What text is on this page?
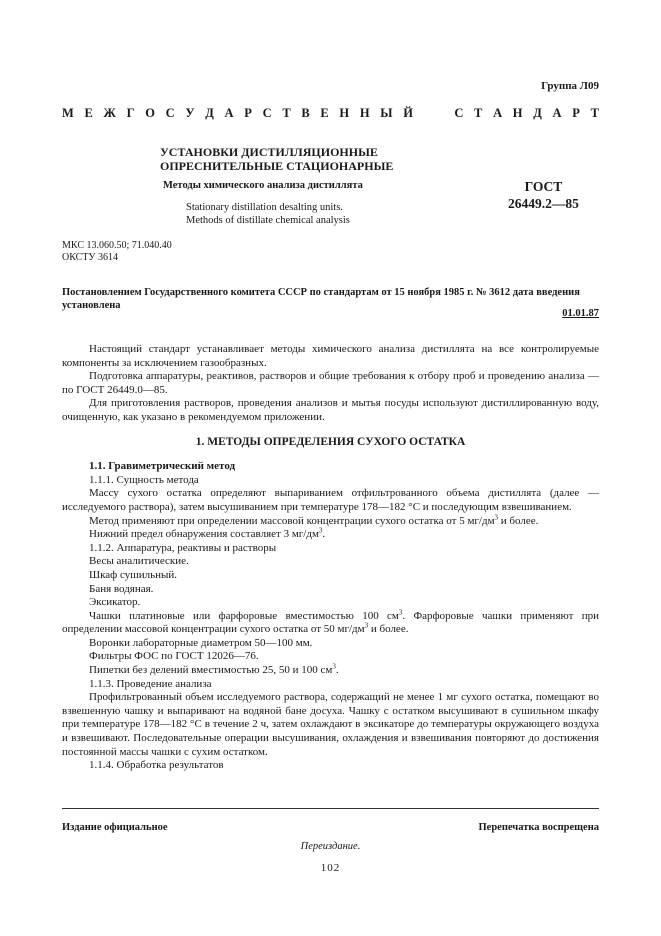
Группа Л09
М Е Ж Г О С У Д А Р С Т В Е Н Н Ы Й	С Т А Н Д А Р Т
УСТАНОВКИ ДИСТИЛЛЯЦИОННЫЕ
ОПРЕСНИТЕЛЬНЫЕ СТАЦИОНАРНЫЕ
Методы химического анализа дистиллята
Stationary distillation desalting units.
Methods of distillate chemical analysis
ГОСТ
26449.2—85
МКС 13.060.50; 71.040.40
ОКСТУ 3614
Постановлением Государственного комитета СССР по стандартам от 15 ноября 1985 г. № 3612 дата введения установлена
01.01.87

Настоящий стандарт устанавливает методы химического анализа дистиллята на все контролируемые компоненты за исключением газообразных.

Подготовка аппаратуры, реактивов, растворов и общие требования к отбору проб и проведению анализа — по ГОСТ 26449.0—85.

Для приготовления растворов, проведения анализов и мытья посуды используют дистиллированную воду, очищенную, как указано в рекомендуемом приложении.

1. МЕТОДЫ ОПРЕДЕЛЕНИЯ СУХОГО ОСТАТКА
1.1. Гравиметрический метод

1.1.1. Сущность метода

Массу сухого остатка определяют выпариванием отфильтрованного объема дистиллята (далее — исследуемого раствора), затем высушиванием при температуре 178—182 °С и последующим взвешиванием.

Метод применяют при определении массовой концентрации сухого остатка от 5 $мг/дм^3$ и более.

Нижний предел обнаружения составляет 3 $мг/дм^3$.

1.1.2. Аппаратура, реактивы и растворы

Весы аналитические.

Шкаф сушильный.

Баня водяная.

Эксикатор.

Чашки платиновые или фарфоровые вместимостью 100 $см^3$. Фарфоровые чашки применяют при определении массовой концентрации сухого остатка от 50 $мг/дм^3$ и более.

Воронки лабораторные диаметром 50—100 мм.

Фильтры ФОС по ГОСТ 12026—76.

Пипетки без делений вместимостью 25, 50 и 100 $см^3$.

1.1.3. Проведение анализа

Профильтрованный объем исследуемого раствора, содержащий не менее 1 мг сухого остатка, помещают во взвешенную чашку и выпаривают на водяной бане досуха. Чашку с остатком высушивают в сушильном шкафу при температуре 178—182 °С в течение 2 ч, затем охлаждают в эксикаторе до температуры окружающего воздуха и взвешивают. Последовательные операции высушивания, охлаждения и взвешивания повторяют до достижения постоянной массы чашки с сухим остатком.

1.1.4. Обработка результатов

Издание официальное	Перепечатка воспрещена
Переиздание.
102
